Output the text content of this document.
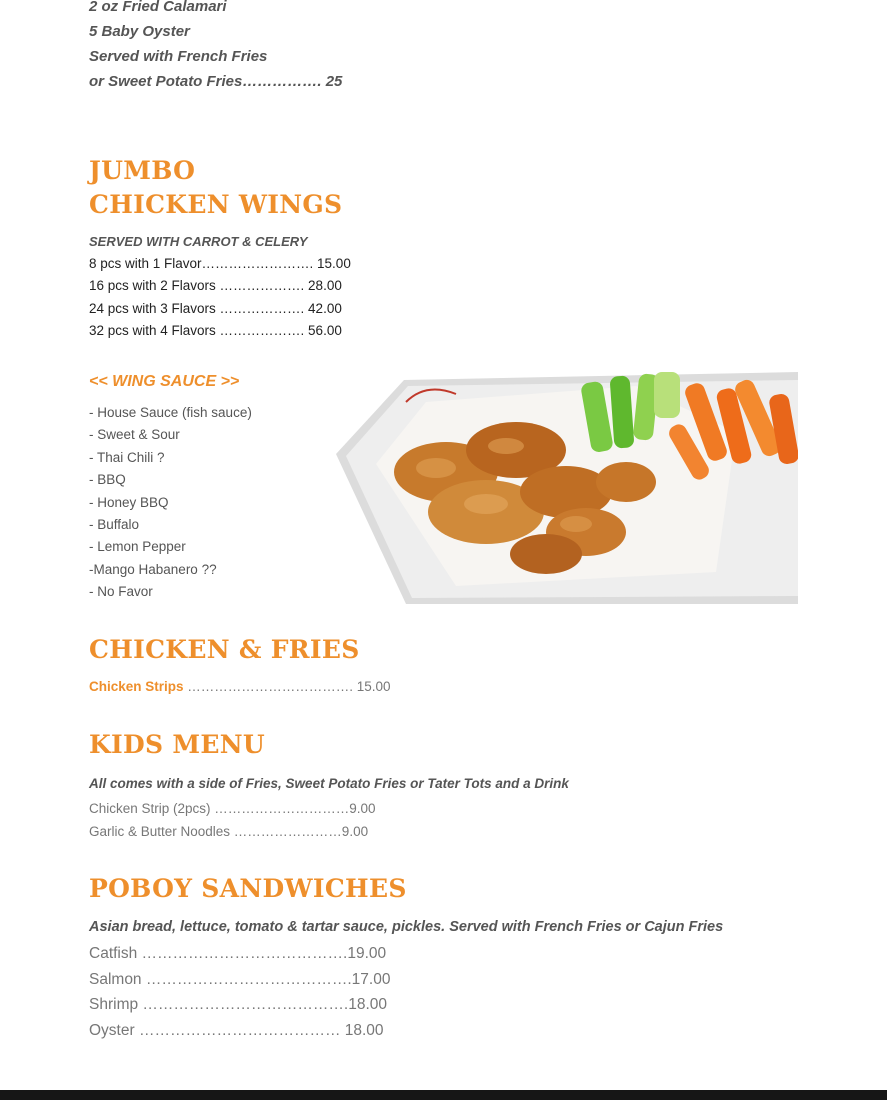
2 oz Fried Calamari
5 Baby Oyster
Served with French Fries
or Sweet Potato Fries……………. 25
JUMBO
CHICKEN WINGS
SERVED WITH CARROT & CELERY
8 pcs with 1 Flavor……………………. 15.00
16 pcs with 2 Flavors ………………. 28.00
24 pcs with 3 Flavors ………………. 42.00
32 pcs with 4 Flavors ………………. 56.00
<< WING SAUCE >>
- House Sauce (fish sauce)
- Sweet & Sour
- Thai Chili ?
- BBQ
- Honey BBQ
- Buffalo
- Lemon Pepper
-Mango Habanero ??
- No Favor
CHICKEN & FRIES
Chicken Strips ………………………………. 15.00
KIDS MENU
All comes with a side of Fries, Sweet Potato Fries or Tater Tots and a Drink
Chicken Strip (2pcs) …………………………9.00
Garlic & Butter Noodles ……………………9.00
POBOY SANDWICHES
Asian bread, lettuce, tomato & tartar sauce, pickles. Served with French Fries or Cajun Fries
Catfish ………………………………….19.00
Salmon ………………………………….17.00
Shrimp ………………………………….18.00
Oyster ………………………………… 18.00
